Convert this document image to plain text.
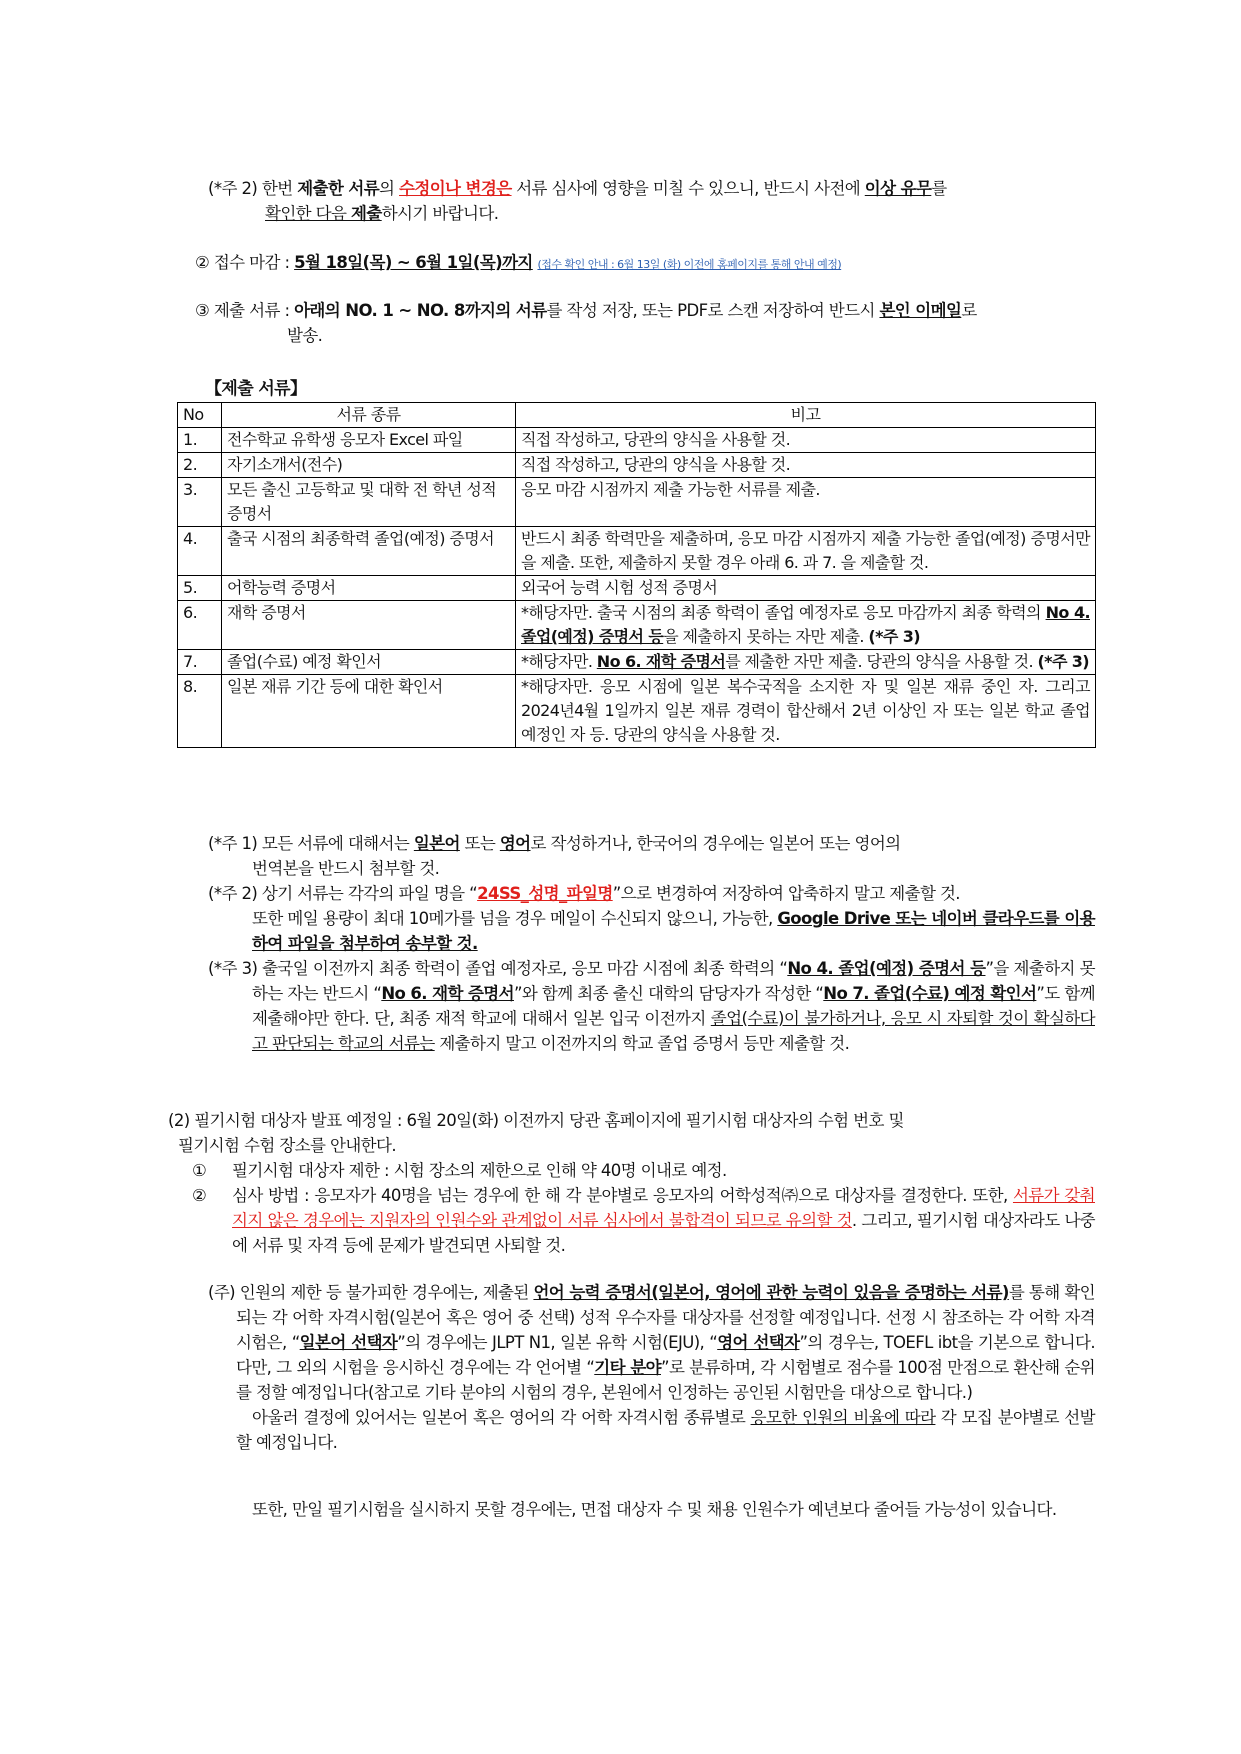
(*주 2) 한번 제출한 서류의 수정이나 변경은 서류 심사에 영향을 미칠 수 있으니, 반드시 사전에 이상 유무를
확인한 다음 제출하시기 바랍니다.
② 접수 마감 : 5월 18일(목) ~ 6월 1일(목)까지 (접수 확인 안내 : 6월 13일 (화) 이전에 홈페이지를 통해 안내 예정)
③ 제출 서류 : 아래의 NO. 1 ~ NO. 8까지의 서류를 작성 저장, 또는 PDF로 스캔 저장하여 반드시 본인 이메일로
발송.
【제출 서류】
No	서류 종류	비고
1.	전수학교 유학생 응모자 Excel 파일	직접 작성하고, 당관의 양식을 사용할 것.
2.	자기소개서(전수)	직접 작성하고, 당관의 양식을 사용할 것.
3.	모든 출신 고등학교 및 대학 전 학년 성적 증명서	응모 마감 시점까지 제출 가능한 서류를 제출.
4.	출국 시점의 최종학력 졸업(예정) 증명서	반드시 최종 학력만을 제출하며, 응모 마감 시점까지 제출 가능한 졸업(예정) 증명서만을 제출. 또한, 제출하지 못할 경우 아래 6. 과 7. 을 제출할 것.
5.	어학능력 증명서	외국어 능력 시험 성적 증명서
6.	재학 증명서	*해당자만. 출국 시점의 최종 학력이 졸업 예정자로 응모 마감까지 최종 학력의 No 4. 졸업(예정) 증명서 등을 제출하지 못하는 자만 제출. (*주 3)
7.	졸업(수료) 예정 확인서	*해당자만. No 6. 재학 증명서를 제출한 자만 제출. 당관의 양식을 사용할 것. (*주 3)
8.	일본 재류 기간 등에 대한 확인서	*해당자만. 응모 시점에 일본 복수국적을 소지한 자 및 일본 재류 중인 자. 그리고 2024년4월 1일까지 일본 재류 경력이 합산해서 2년 이상인 자 또는 일본 학교 졸업 예정인 자 등. 당관의 양식을 사용할 것.
(*주 1) 모든 서류에 대해서는 일본어 또는 영어로 작성하거나, 한국어의 경우에는 일본어 또는 영어의
번역본을 반드시 첨부할 것.
(*주 2) 상기 서류는 각각의 파일 명을 “24SS_성명_파일명”으로 변경하여 저장하여 압축하지 말고 제출할 것.
또한 메일 용량이 최대 10메가를 넘을 경우 메일이 수신되지 않으니, 가능한, Google Drive 또는 네이버 클라우드를 이용하여 파일을 첨부하여 송부할 것.
(*주 3) 출국일 이전까지 최종 학력이 졸업 예정자로, 응모 마감 시점에 최종 학력의 “No 4. 졸업(예정) 증명서 등”을 제출하지 못하는 자는 반드시 “No 6. 재학 증명서”와 함께 최종 출신 대학의 담당자가 작성한 “No 7. 졸업(수료) 예정 확인서”도 함께 제출해야만 한다. 단, 최종 재적 학교에 대해서 일본 입국 이전까지 졸업(수료)이 불가하거나, 응모 시 자퇴할 것이 확실하다고 판단되는 학교의 서류는 제출하지 말고 이전까지의 학교 졸업 증명서 등만 제출할 것.
(2) 필기시험 대상자 발표 예정일 : 6월 20일(화) 이전까지 당관 홈페이지에 필기시험 대상자의 수험 번호 및
필기시험 수험 장소를 안내한다.
①	필기시험 대상자 제한 : 시험 장소의 제한으로 인해 약 40명 이내로 예정.
②	심사 방법 : 응모자가 40명을 넘는 경우에 한 해 각 분야별로 응모자의 어학성적㈜으로 대상자를 결정한다. 또한, 서류가 갖춰지지 않은 경우에는 지원자의 인원수와 관계없이 서류 심사에서 불합격이 되므로 유의할 것. 그리고, 필기시험 대상자라도 나중에 서류 및 자격 등에 문제가 발견되면 사퇴할 것.
(주) 인원의 제한 등 불가피한 경우에는, 제출된 언어 능력 증명서(일본어, 영어에 관한 능력이 있음을 증명하는 서류)를 통해 확인되는 각 어학 자격시험(일본어 혹은 영어 중 선택) 성적 우수자를 대상자를 선정할 예정입니다. 선정 시 참조하는 각 어학 자격시험은, “일본어 선택자”의 경우에는 JLPT N1, 일본 유학 시험(EJU), “영어 선택자”의 경우는, TOEFL ibt을 기본으로 합니다. 다만, 그 외의 시험을 응시하신 경우에는 각 언어별 “기타 분야”로 분류하며, 각 시험별로 점수를 100점 만점으로 환산해 순위를 정할 예정입니다(참고로 기타 분야의 시험의 경우, 본원에서 인정하는 공인된 시험만을 대상으로 합니다.)
아울러 결정에 있어서는 일본어 혹은 영어의 각 어학 자격시험 종류별로 응모한 인원의 비율에 따라 각 모집 분야별로 선발할 예정입니다.
또한, 만일 필기시험을 실시하지 못할 경우에는, 면접 대상자 수 및 채용 인원수가 예년보다 줄어들 가능성이 있습니다.
